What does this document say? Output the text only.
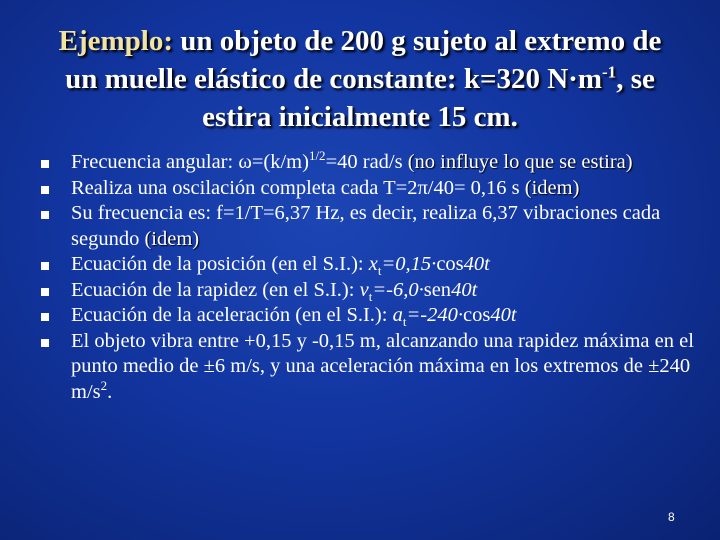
Ejemplo: un objeto de 200 g sujeto al extremo de
un muelle elástico de constante: k=320 $N\cdot m^{-1}$, se
estira inicialmente 15 cm.
Frecuencia angular: $\omega=(k/m)^{1/2}=40$ rad/s (no influye lo que se estira)
Realiza una oscilación completa cada T=2π/40= 0,16 s (idem)
Su frecuencia es: f=1/T=6,37 Hz, es decir, realiza 6,37 vibraciones cada segundo (idem)
Ecuación de la posición (en el S.I.): $x_t=0,15\cdot\cos 40t$
Ecuación de la rapidez (en el S.I.): $v_t=-6,0\cdot sen40t$
Ecuación de la aceleración (en el S.I.): $a_t=-240\cdot\cos 40t$
El objeto vibra entre +0,15 y -0,15 m, alcanzando una rapidez máxima en el punto medio de ±6 m/s, y una aceleración máxima en los extremos de ±240 $m/s^2$.
8
